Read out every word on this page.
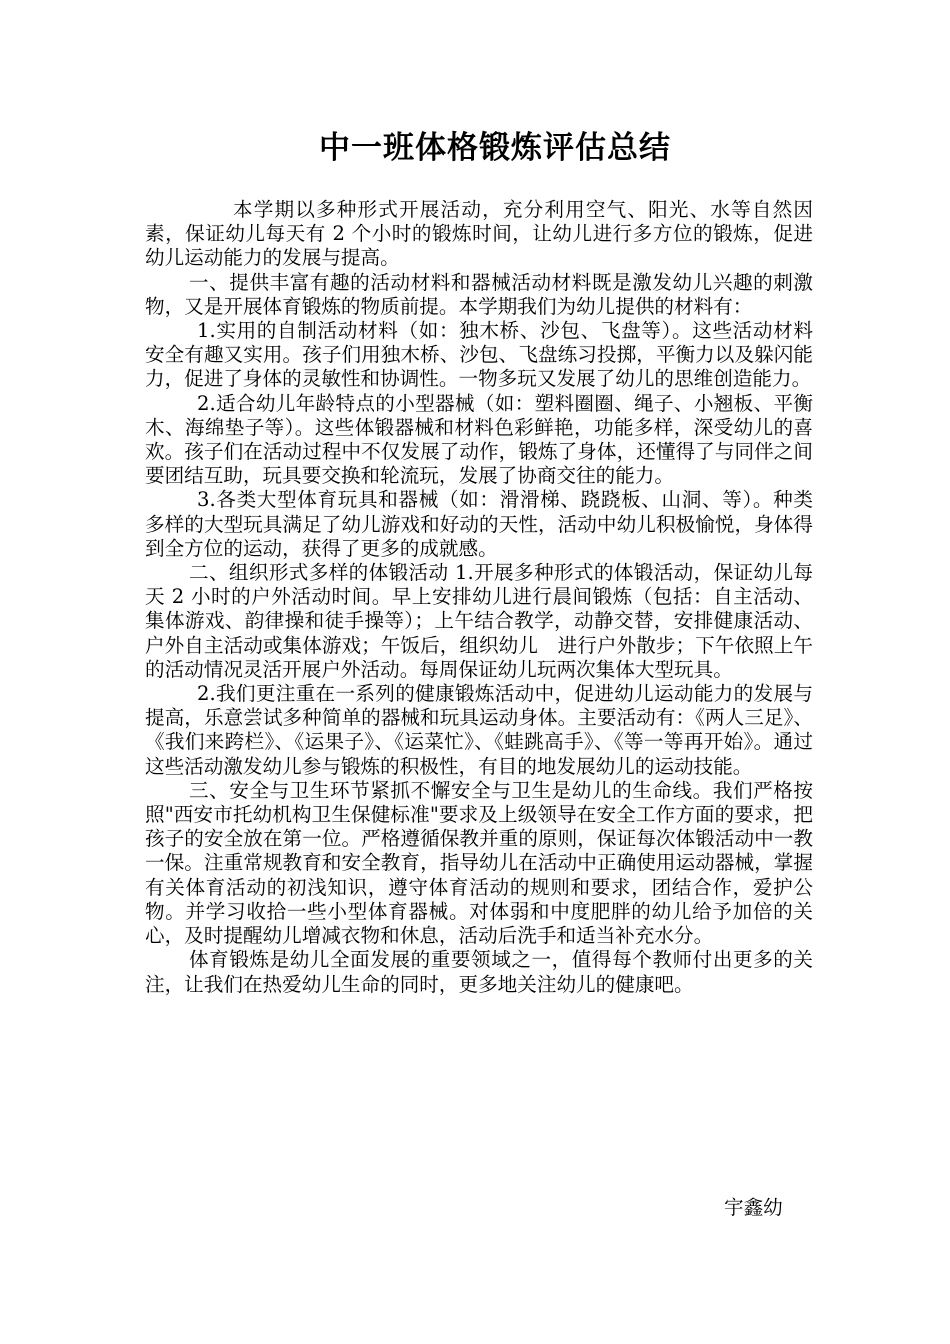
中一班体格锻炼评估总结

本学期以多种形式开展活动，充分利用空气、阳光、水等自然因素，保证幼儿每天有 2 个小时的锻炼时间，让幼儿进行多方位的锻炼，促进幼儿运动能力的发展与提高。

一、提供丰富有趣的活动材料和器械活动材料既是激发幼儿兴趣的刺激物，又是开展体育锻炼的物质前提。本学期我们为幼儿提供的材料有：

1.实用的自制活动材料（如：独木桥、沙包、飞盘等）。这些活动材料安全有趣又实用。孩子们用独木桥、沙包、飞盘练习投掷，平衡力以及躲闪能力，促进了身体的灵敏性和协调性。一物多玩又发展了幼儿的思维创造能力。

2.适合幼儿年龄特点的小型器械（如：塑料圈圈、绳子、小翘板、平衡木、海绵垫子等）。这些体锻器械和材料色彩鲜艳，功能多样，深受幼儿的喜欢。孩子们在活动过程中不仅发展了动作，锻炼了身体，还懂得了与同伴之间要团结互助，玩具要交换和轮流玩，发展了协商交往的能力。

3.各类大型体育玩具和器械（如：滑滑梯、跷跷板、山洞、等）。种类多样的大型玩具满足了幼儿游戏和好动的天性，活动中幼儿积极愉悦，身体得到全方位的运动，获得了更多的成就感。

二、组织形式多样的体锻活动 1.开展多种形式的体锻活动，保证幼儿每天 2 小时的户外活动时间。早上安排幼儿进行晨间锻炼（包括：自主活动、集体游戏、韵律操和徒手操等）；上午结合教学，动静交替，安排健康活动、户外自主活动或集体游戏；午饭后，组织幼儿　进行户外散步；下午依照上午的活动情况灵活开展户外活动。每周保证幼儿玩两次集体大型玩具。

2.我们更注重在一系列的健康锻炼活动中，促进幼儿运动能力的发展与提高，乐意尝试多种简单的器械和玩具运动身体。主要活动有：《两人三足》、《我们来跨栏》、《运果子》、《运菜忙》、《蛙跳高手》、《等一等再开始》。通过这些活动激发幼儿参与锻炼的积极性，有目的地发展幼儿的运动技能。

三、安全与卫生环节紧抓不懈安全与卫生是幼儿的生命线。我们严格按照"西安市托幼机构卫生保健标准"要求及上级领导在安全工作方面的要求，把孩子的安全放在第一位。严格遵循保教并重的原则，保证每次体锻活动中一教一保。注重常规教育和安全教育，指导幼儿在活动中正确使用运动器械，掌握有关体育活动的初浅知识，遵守体育活动的规则和要求，团结合作，爱护公物。并学习收拾一些小型体育器械。对体弱和中度肥胖的幼儿给予加倍的关心，及时提醒幼儿增减衣物和休息，活动后洗手和适当补充水分。

体育锻炼是幼儿全面发展的重要领域之一，值得每个教师付出更多的关注，让我们在热爱幼儿生命的同时，更多地关注幼儿的健康吧。

宇鑫幼
